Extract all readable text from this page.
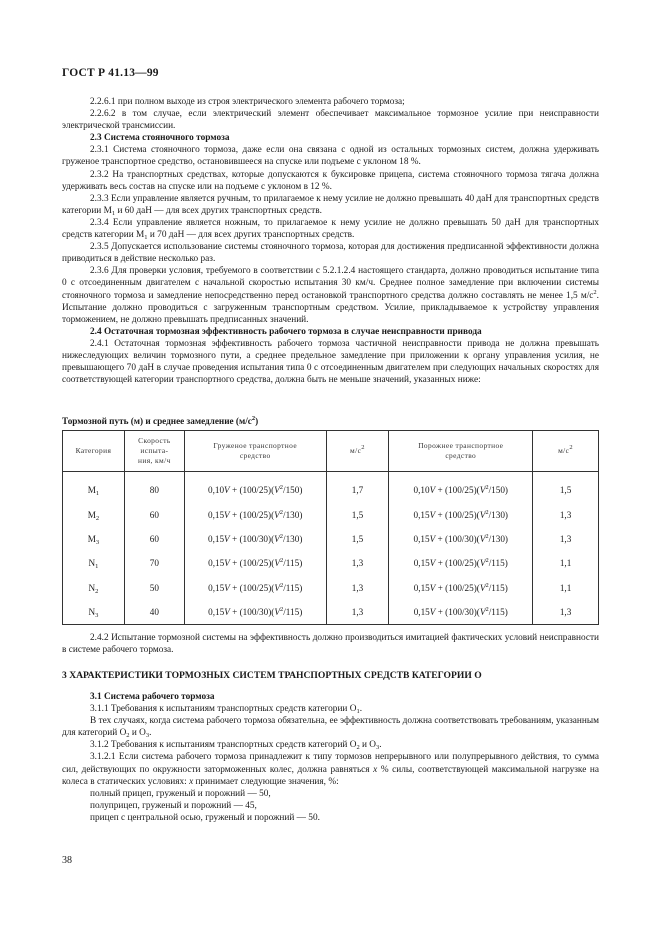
ГОСТ Р 41.13—99

2.2.6.1 при полном выходе из строя электрического элемента рабочего тормоза;

2.2.6.2 в том случае, если электрический элемент обеспечивает максимальное тормозное усилие при неисправности электрической трансмиссии.

2.3 Система стояночного тормоза

2.3.1 Система стояночного тормоза, даже если она связана с одной из остальных тормозных систем, должна удерживать груженое транспортное средство, остановившееся на спуске или подъеме с уклоном 18 %.

2.3.2 На транспортных средствах, которые допускаются к буксировке прицепа, система стояночного тормоза тягача должна удерживать весь состав на спуске или на подъеме с уклоном в 12 %.

2.3.3 Если управление является ручным, то прилагаемое к нему усилие не должно превышать 40 даН для транспортных средств категории $M_1$ и 60 даН — для всех других транспортных средств.

2.3.4 Если управление является ножным, то прилагаемое к нему усилие не должно превышать 50 даН для транспортных средств категории $M_1$ и 70 даН — для всех других транспортных средств.

2.3.5 Допускается использование системы стояночного тормоза, которая для достижения предписанной эффективности должна приводиться в действие несколько раз.

2.3.6 Для проверки условия, требуемого в соответствии с 5.2.1.2.4 настоящего стандарта, должно проводиться испытание типа 0 с отсоединенным двигателем с начальной скоростью испытания 30 км/ч. Среднее полное замедление при включении системы стояночного тормоза и замедление непосредственно перед остановкой транспортного средства должно составлять не менее 1,5 $м/с^2$. Испытание должно проводиться с загруженным транспортным средством. Усилие, прикладываемое к устройству управления торможением, не должно превышать предписанных значений.

2.4 Остаточная тормозная эффективность рабочего тормоза в случае неисправности привода

2.4.1 Остаточная тормозная эффективность рабочего тормоза частичной неисправности привода не должна превышать нижеследующих величин тормозного пути, а среднее предельное замедление при приложении к органу управления усилия, не превышающего 70 даН в случае проведения испытания типа 0 с отсоединенным двигателем при следующих начальных скоростях для соответствующей категории транспортного средства, должна быть не меньше значений, указанных ниже:

Тормозной путь (м) и среднее замедление $(м/с^2)$
Категория	Скорость испыта-
ния, км/ч	Груженое транспортное
средство	$м/с^2$	Порожнее транспортное
средство	$м/с^2$
$M_1$	80	$0,10V + (100/25)(V^2/150)$	1,7	$0,10V + (100/25)(V^2/150)$	1,5
$M_2$	60	$0,15V + (100/25)(V^2/130)$	1,5	$0,15V + (100/25)(V^2/130)$	1,3
$M_3$	60	$0,15V + (100/30)(V^2/130)$	1,5	$0,15V + (100/30)(V^2/130)$	1,3
$N_1$	70	$0,15V + (100/25)(V^2/115)$	1,3	$0,15V + (100/25)(V^2/115)$	1,1
$N_2$	50	$0,15V + (100/25)(V^2/115)$	1,3	$0,15V + (100/25)(V^2/115)$	1,1
$N_3$	40	$0,15V + (100/30)(V^2/115)$	1,3	$0,15V + (100/30)(V^2/115)$	1,3

2.4.2 Испытание тормозной системы на эффективность должно производиться имитацией фактических условий неисправности в системе рабочего тормоза.

3 ХАРАКТЕРИСТИКИ ТОРМОЗНЫХ СИСТЕМ ТРАНСПОРТНЫХ СРЕДСТВ КАТЕГОРИИ О

3.1 Система рабочего тормоза

3.1.1 Требования к испытаниям транспортных средств категории $O_1$.

В тех случаях, когда система рабочего тормоза обязательна, ее эффективность должна соответствовать требованиям, указанным для категорий $O_2$ и $O_3$.

3.1.2 Требования к испытаниям транспортных средств категорий $O_2$ и $O_3$.

3.1.2.1 Если система рабочего тормоза принадлежит к типу тормозов непрерывного или полупрерывного действия, то сумма сил, действующих по окружности заторможенных колес, должна равняться x % силы, соответствующей максимальной нагрузке на колеса в статических условиях: x принимает следующие значения, %:

полный прицеп, груженый и порожний — 50,

полуприцеп, груженый и порожний — 45,

прицеп с центральной осью, груженый и порожний — 50.

38
